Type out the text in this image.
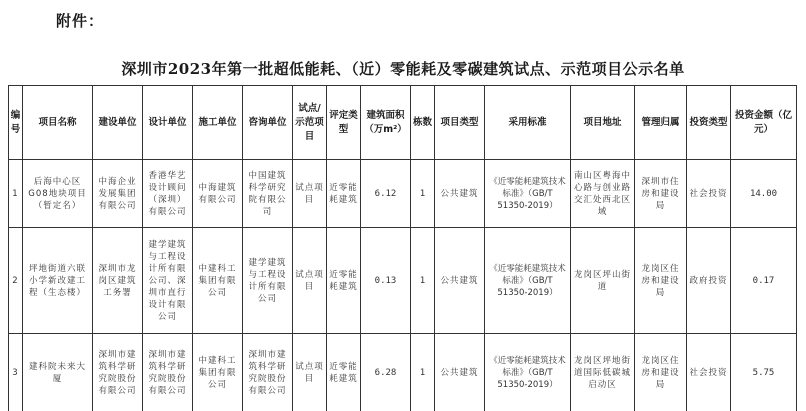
附件：
深圳市2023年第一批超低能耗、（近）零能耗及零碳建筑试点、示范项目公示名单
编号	项目名称	建设单位	设计单位	施工单位	咨询单位	试点/示范项目	评定类型	建筑面积（万m²）	栋数	项目类型	采用标准	项目地址	管理归属	投资类型	投资金额（亿元）
1	后海中心区G08地块项目（暂定名）	中海企业发展集团有限公司	香港华艺设计顾问（深圳）有限公司	中海建筑有限公司	中国建筑科学研究院有限公司	试点项目	近零能耗建筑	6.12	1	公共建筑	《近零能耗建筑技术标准》（GB/T 51350-2019）	南山区粤海中心路与创业路交汇处西北区域	深圳市住房和建设局	社会投资	14.00
2	坪地街道六联小学新改建工程（生态楼）	深圳市龙岗区建筑工务署	建学建筑与工程设计所有限公司、深圳市直行设计有限公司	中建科工集团有限公司	建学建筑与工程设计所有限公司	试点项目	近零能耗建筑	0.13	1	公共建筑	《近零能耗建筑技术标准》（GB/T 51350-2019）	龙岗区坪山街道	龙岗区住房和建设局	政府投资	0.17
3	建科院未来大厦	深圳市建筑科学研究院股份有限公司	深圳市建筑科学研究院股份有限公司	中建科工集团有限公司	深圳市建筑科学研究院股份有限公司	试点项目	近零能耗建筑	6.28	1	公共建筑	《近零能耗建筑技术标准》（GB/T 51350-2019）	龙岗区坪地街道国际低碳城启动区	龙岗区住房和建设局	社会投资	5.75
